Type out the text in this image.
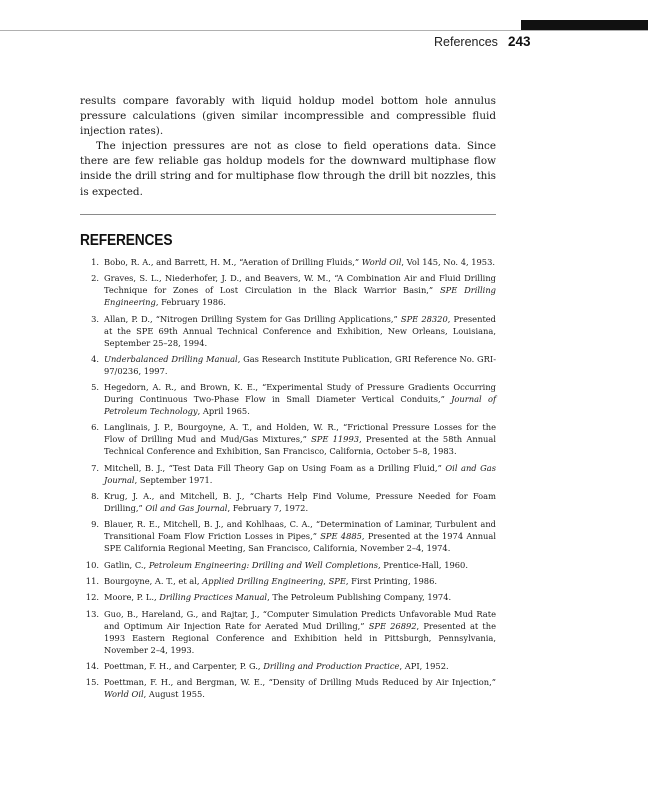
References 243

results compare favorably with liquid holdup model bottom hole annulus pressure calculations (given similar incompressible and compressible fluid injection rates).

The injection pressures are not as close to field operations data. Since there are few reliable gas holdup models for the downward multiphase flow inside the drill string and for multiphase flow through the drill bit nozzles, this is expected.

REFERENCES
1. Bobo, R. A., and Barrett, H. M., “Aeration of Drilling Fluids,” World Oil, Vol 145, No. 4, 1953.
2. Graves, S. L., Niederhofer, J. D., and Beavers, W. M., “A Combination Air and Fluid Drilling Technique for Zones of Lost Circulation in the Black Warrior Basin,” SPE Drilling Engineering, February 1986.
3. Allan, P. D., “Nitrogen Drilling System for Gas Drilling Applications,” SPE 28320, Presented at the SPE 69th Annual Technical Conference and Exhibition, New Orleans, Louisiana, September 25–28, 1994.
4. Underbalanced Drilling Manual, Gas Research Institute Publication, GRI Reference No. GRI-97/0236, 1997.
5. Hegedorn, A. R., and Brown, K. E., “Experimental Study of Pressure Gradients Occurring During Continuous Two-Phase Flow in Small Diameter Vertical Conduits,” Journal of Petroleum Technology, April 1965.
6. Langlinais, J. P., Bourgoyne, A. T., and Holden, W. R., “Frictional Pressure Losses for the Flow of Drilling Mud and Mud/Gas Mixtures,” SPE 11993, Presented at the 58th Annual Technical Conference and Exhibition, San Francisco, California, October 5–8, 1983.
7. Mitchell, B. J., “Test Data Fill Theory Gap on Using Foam as a Drilling Fluid,” Oil and Gas Journal, September 1971.
8. Krug, J. A., and Mitchell, B. J., “Charts Help Find Volume, Pressure Needed for Foam Drilling,” Oil and Gas Journal, February 7, 1972.
9. Blauer, R. E., Mitchell, B. J., and Kohlhaas, C. A., “Determination of Laminar, Turbulent and Transitional Foam Flow Friction Losses in Pipes,” SPE 4885, Presented at the 1974 Annual SPE California Regional Meeting, San Francisco, California, November 2–4, 1974.
10. Gatlin, C., Petroleum Engineering: Drilling and Well Completions, Prentice-Hall, 1960.
11. Bourgoyne, A. T., et al, Applied Drilling Engineering, SPE, First Printing, 1986.
12. Moore, P. L., Drilling Practices Manual, The Petroleum Publishing Company, 1974.
13. Guo, B., Hareland, G., and Rajtar, J., “Computer Simulation Predicts Unfavorable Mud Rate and Optimum Air Injection Rate for Aerated Mud Drilling,” SPE 26892, Presented at the 1993 Eastern Regional Conference and Exhibition held in Pittsburgh, Pennsylvania, November 2–4, 1993.
14. Poettman, F. H., and Carpenter, P. G., Drilling and Production Practice, API, 1952.
15. Poettman, F. H., and Bergman, W. E., “Density of Drilling Muds Reduced by Air Injection,” World Oil, August 1955.
